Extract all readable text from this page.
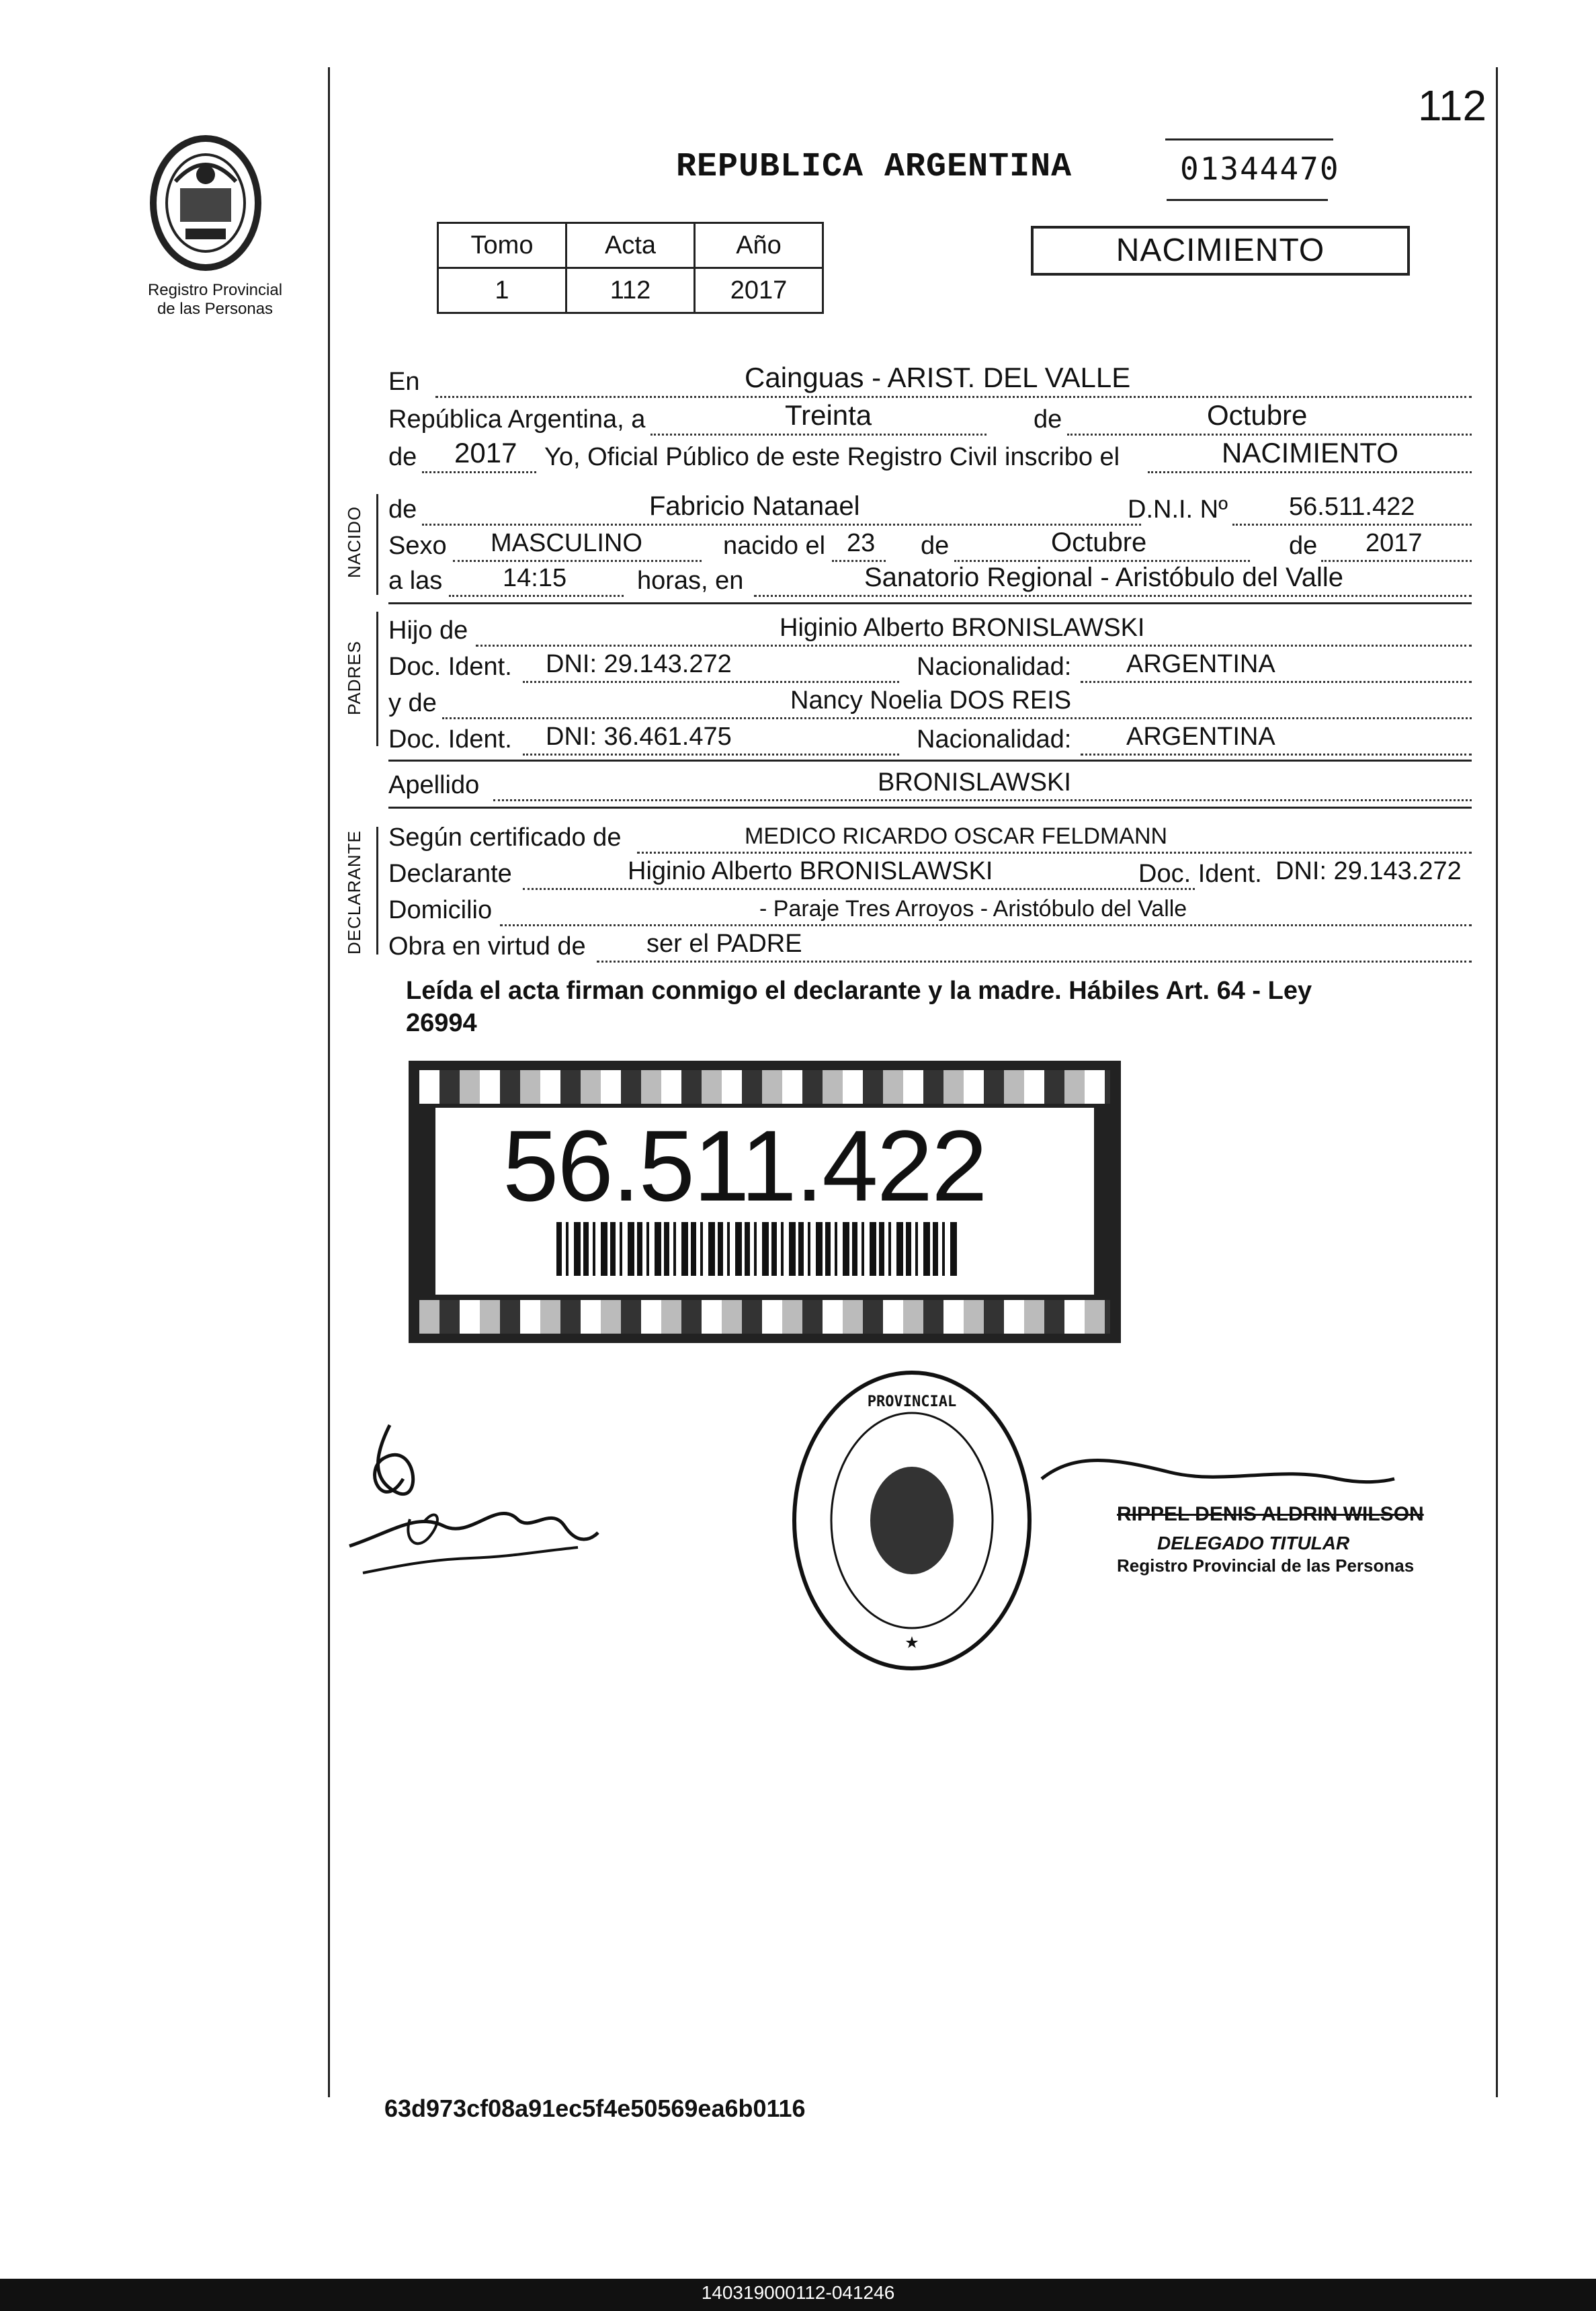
112
Registro Provincial
de las Personas
REPUBLICA ARGENTINA	01344470
Tomo	Acta	Año
1	112	2017
NACIMIENTO
En	Cainguas - ARIST. DEL VALLE
República Argentina, a	Treinta	de	Octubre
de 2017 Yo, Oficial Público de este Registro Civil inscribo el	NACIMIENTO
NACIDO de	Fabricio Natanael	D.N.I. Nº 56.511.422
Sexo MASCULINO	nacido el 23 de	Octubre	de 2017
a las 14:15	horas, en	Sanatorio Regional - Aristóbulo del Valle
PADRES
Hijo de	Higinio Alberto BRONISLAWSKI
Doc. Ident. DNI: 29.143.272	Nacionalidad: ARGENTINA
y de	Nancy Noelia DOS REIS
Doc. Ident. DNI: 36.461.475	Nacionalidad: ARGENTINA
Apellido	BRONISLAWSKI
DECLARANTE Según certificado de	MEDICO RICARDO OSCAR FELDMANN
Declarante	Higinio Alberto BRONISLAWSKI	Doc. Ident. DNI: 29.143.272
Domicilio	- Paraje Tres Arroyos - Aristóbulo del Valle
Obra en virtud de ser el PADRE
Leída el acta firman conmigo el declarante y la madre. Hábiles Art. 64 - Ley
26994
56.511.422
PROVINCIAL
★
RIPPEL DENIS ALDRIN WILSON
DELEGADO TITULAR
Registro Provincial de las Personas
63d973cf08a91ec5f4e50569ea6b0116
140319000112-041246
